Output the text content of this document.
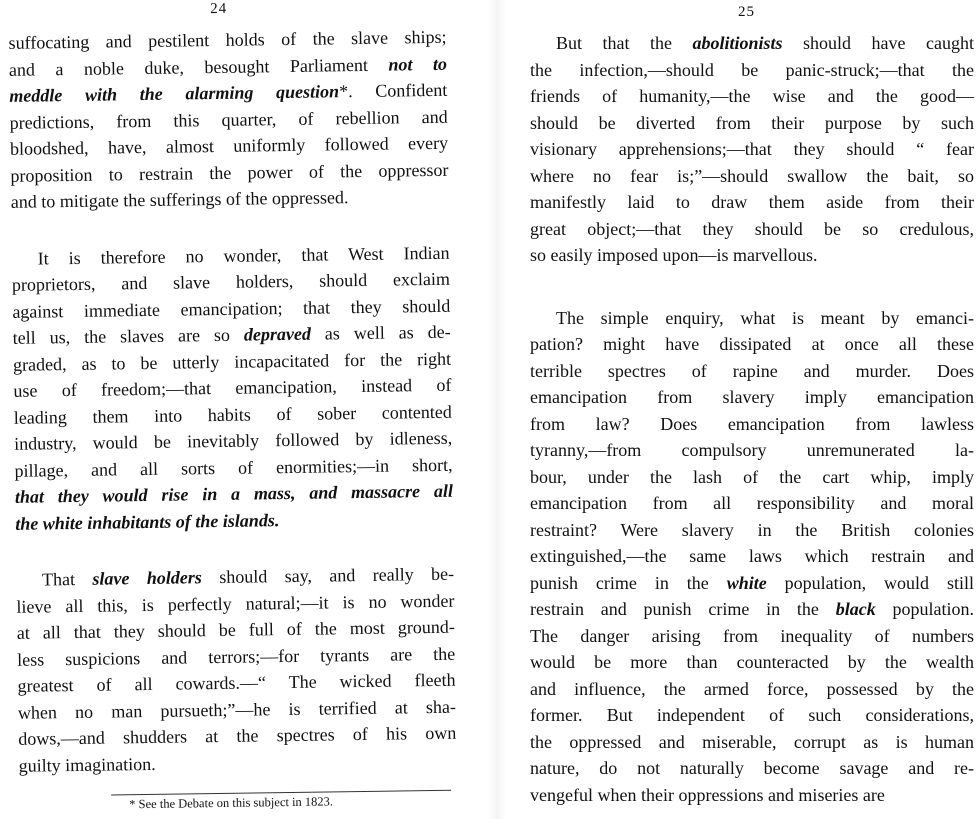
24
suffocating and pestilent holds of the slave ships;
and a noble duke, besought Parliament not to
meddle with the alarming question*. Confident
predictions, from this quarter, of rebellion and
bloodshed, have, almost uniformly followed every
proposition to restrain the power of the oppressor
and to mitigate the sufferings of the oppressed.
It is therefore no wonder, that West Indian
proprietors, and slave holders, should exclaim
against immediate emancipation; that they should
tell us, the slaves are so depraved as well as de-
graded, as to be utterly incapacitated for the right
use of freedom;—that emancipation, instead of
leading them into habits of sober contented
industry, would be inevitably followed by idleness,
pillage, and all sorts of enormities;—in short,
that they would rise in a mass, and massacre all
the white inhabitants of the islands.
That slave holders should say, and really be-
lieve all this, is perfectly natural;—it is no wonder
at all that they should be full of the most ground-
less suspicions and terrors;—for tyrants are the
greatest of all cowards.—“ The wicked fleeth
when no man pursueth;”—he is terrified at sha-
dows,—and shudders at the spectres of his own
guilty imagination.
* See the Debate on this subject in 1823.
25
But that the abolitionists should have caught
the infection,—should be panic-struck;—that the
friends of humanity,—the wise and the good—
should be diverted from their purpose by such
visionary apprehensions;—that they should “ fear
where no fear is;”—should swallow the bait, so
manifestly laid to draw them aside from their
great object;—that they should be so credulous,
so easily imposed upon—is marvellous.
The simple enquiry, what is meant by emanci-
pation? might have dissipated at once all these
terrible spectres of rapine and murder. Does
emancipation from slavery imply emancipation
from law? Does emancipation from lawless
tyranny,—from compulsory unremunerated la-
bour, under the lash of the cart whip, imply
emancipation from all responsibility and moral
restraint? Were slavery in the British colonies
extinguished,—the same laws which restrain and
punish crime in the white population, would still
restrain and punish crime in the black population.
The danger arising from inequality of numbers
would be more than counteracted by the wealth
and influence, the armed force, possessed by the
former. But independent of such considerations,
the oppressed and miserable, corrupt as is human
nature, do not naturally become savage and re-
vengeful when their oppressions and miseries are
